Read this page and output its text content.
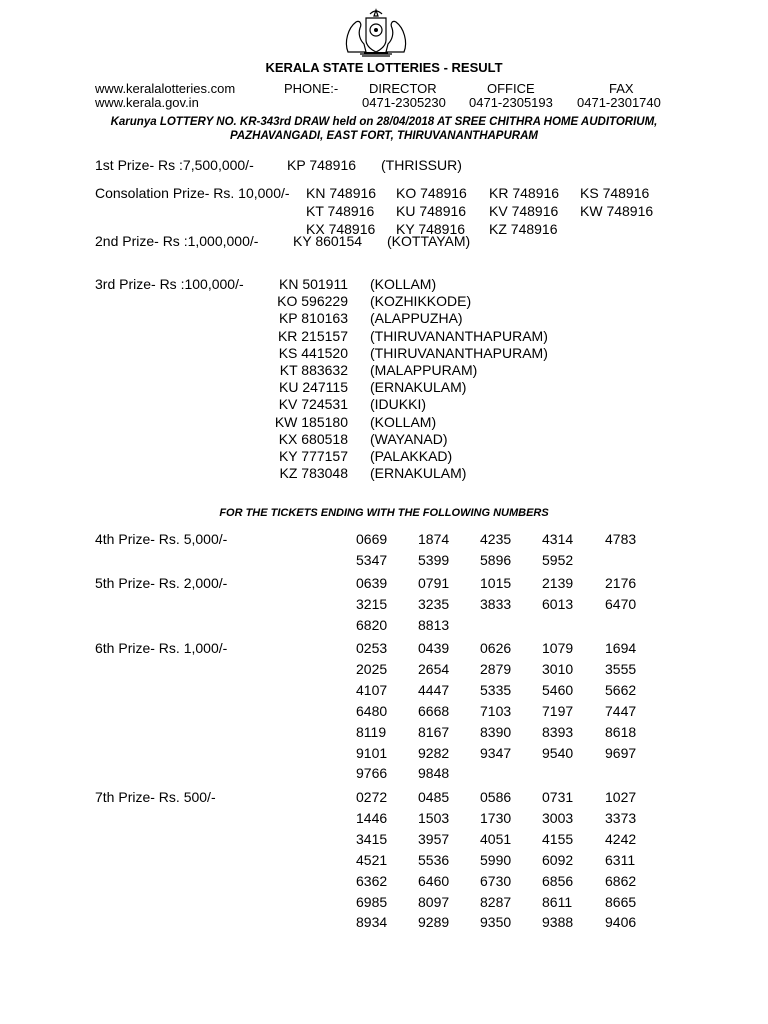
KERALA STATE LOTTERIES - RESULT
www.keralalotteries.com
www.kerala.gov.in
PHONE:- DIRECTOR	OFFICE	FAX
0471-2305230 0471-2305193 0471-2301740
Karunya LOTTERY NO. KR-343rd DRAW held on 28/04/2018 AT SREE CHITHRA HOME AUDITORIUM,
PAZHAVANGADI, EAST FORT, THIRUVANANTHAPURAM
1st Prize- Rs :7,500,000/- KP 748916 (THRISSUR)
Consolation Prize- Rs. 10,000/- KN 748916 KO 748916 KR 748916 KS 748916
KT 748916 KU 748916 KV 748916 KW 748916
KX 748916 KY 748916 KZ 748916
2nd Prize- Rs :1,000,000/- KY 860154 (KOTTAYAM)
3rd Prize- Rs :100,000/-	KN 501911 (KOLLAM)
KO 596229 (KOZHIKKODE)
KP 810163 (ALAPPUZHA)
KR 215157 (THIRUVANANTHAPURAM)
KS 441520 (THIRUVANANTHAPURAM)
KT 883632 (MALAPPURAM)
KU 247115 (ERNAKULAM)
KV 724531 (IDUKKI)
KW 185180 (KOLLAM)
KX 680518 (WAYANAD)
KY 777157 (PALAKKAD)
KZ 783048 (ERNAKULAM)
FOR THE TICKETS ENDING WITH THE FOLLOWING NUMBERS
4th Prize- Rs. 5,000/-	0669 1874 4235 4314 4783
5347 5399 5896 5952
5th Prize- Rs. 2,000/-	0639 0791 1015 2139 2176
3215 3235 3833 6013 6470
6820 8813
6th Prize- Rs. 1,000/-	0253 0439 0626 1079 1694
2025 2654 2879 3010 3555
4107 4447 5335 5460 5662
6480 6668 7103 7197 7447
8119 8167 8390 8393 8618
9101 9282 9347 9540 9697
9766 9848
7th Prize- Rs. 500/-	0272 0485 0586 0731 1027
1446 1503 1730 3003 3373
3415 3957 4051 4155 4242
4521 5536 5990 6092 6311
6362 6460 6730 6856 6862
6985 8097 8287 8611 8665
8934 9289 9350 9388 9406
